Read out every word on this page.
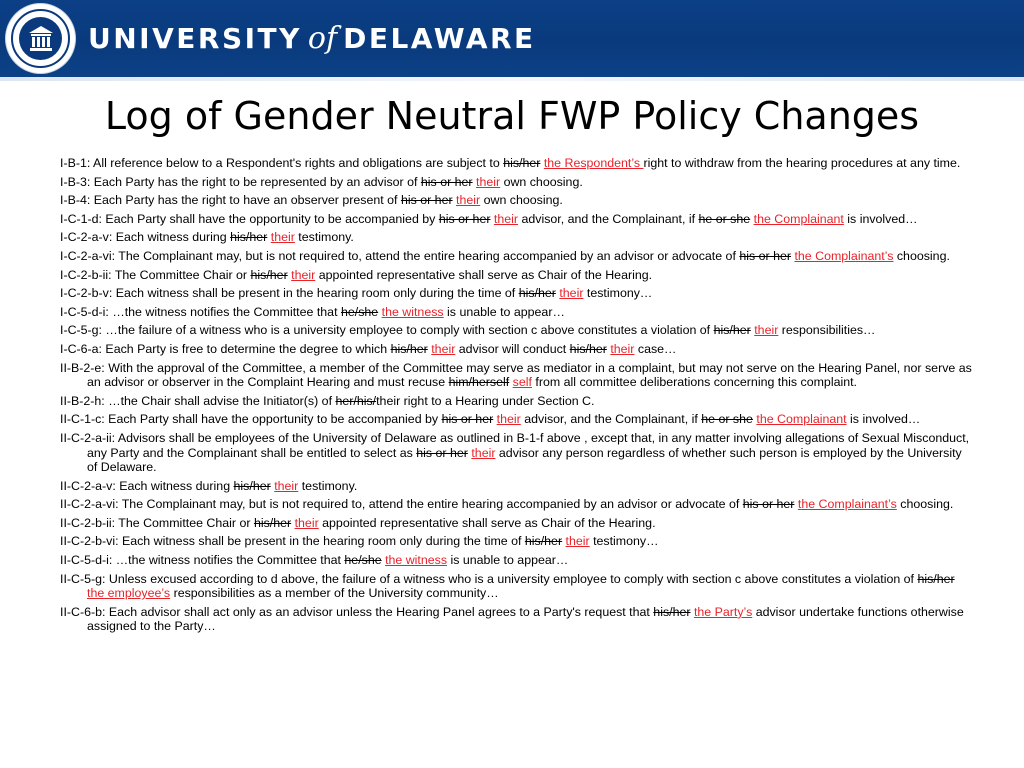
UNIVERSITY of DELAWARE
Log of Gender Neutral FWP Policy Changes
I-B-1: All reference below to a Respondent's rights and obligations are subject to his/her the Respondent’s right to withdraw from the hearing procedures at any time.
I-B-3: Each Party has the right to be represented by an advisor of his or her their own choosing.
I-B-4: Each Party has the right to have an observer present of his or her their own choosing.
I-C-1-d: Each Party shall have the opportunity to be accompanied by his or her their advisor, and the Complainant, if he or she the Complainant is involved…
I-C-2-a-v: Each witness during his/her their testimony.
I-C-2-a-vi: The Complainant may, but is not required to, attend the entire hearing accompanied by an advisor or advocate of his or her the Complainant’s choosing.
I-C-2-b-ii: The Committee Chair or his/her their appointed representative shall serve as Chair of the Hearing.
I-C-2-b-v: Each witness shall be present in the hearing room only during the time of his/her their testimony…
I-C-5-d-i: …the witness notifies the Committee that he/she the witness is unable to appear…
I-C-5-g: …the failure of a witness who is a university employee to comply with section c above constitutes a violation of his/her their responsibilities…
I-C-6-a: Each Party is free to determine the degree to which his/her their advisor will conduct his/her their case…
II-B-2-e: With the approval of the Committee, a member of the Committee may serve as mediator in a complaint, but may not serve on the Hearing Panel, nor serve as an advisor or observer in the Complaint Hearing and must recuse him/herself self from all committee deliberations concerning this complaint.
II-B-2-h: …the Chair shall advise the Initiator(s) of her/his/their right to a Hearing under Section C.
II-C-1-c: Each Party shall have the opportunity to be accompanied by his or her their advisor, and the Complainant, if he or she the Complainant is involved…
II-C-2-a-ii: Advisors shall be employees of the University of Delaware as outlined in B-1-f above , except that, in any matter involving allegations of Sexual Misconduct, any Party and the Complainant shall be entitled to select as his or her their advisor any person regardless of whether such person is employed by the University of Delaware.
II-C-2-a-v: Each witness during his/her their testimony.
II-C-2-a-vi: The Complainant may, but is not required to, attend the entire hearing accompanied by an advisor or advocate of his or her the Complainant’s choosing.
II-C-2-b-ii: The Committee Chair or his/her their appointed representative shall serve as Chair of the Hearing.
II-C-2-b-vi: Each witness shall be present in the hearing room only during the time of his/her their testimony…
II-C-5-d-i: …the witness notifies the Committee that he/she the witness is unable to appear…
II-C-5-g: Unless excused according to d above, the failure of a witness who is a university employee to comply with section c above constitutes a violation of his/her the employee’s responsibilities as a member of the University community…
II-C-6-b: Each advisor shall act only as an advisor unless the Hearing Panel agrees to a Party's request that his/her the Party’s advisor undertake functions otherwise assigned to the Party…
